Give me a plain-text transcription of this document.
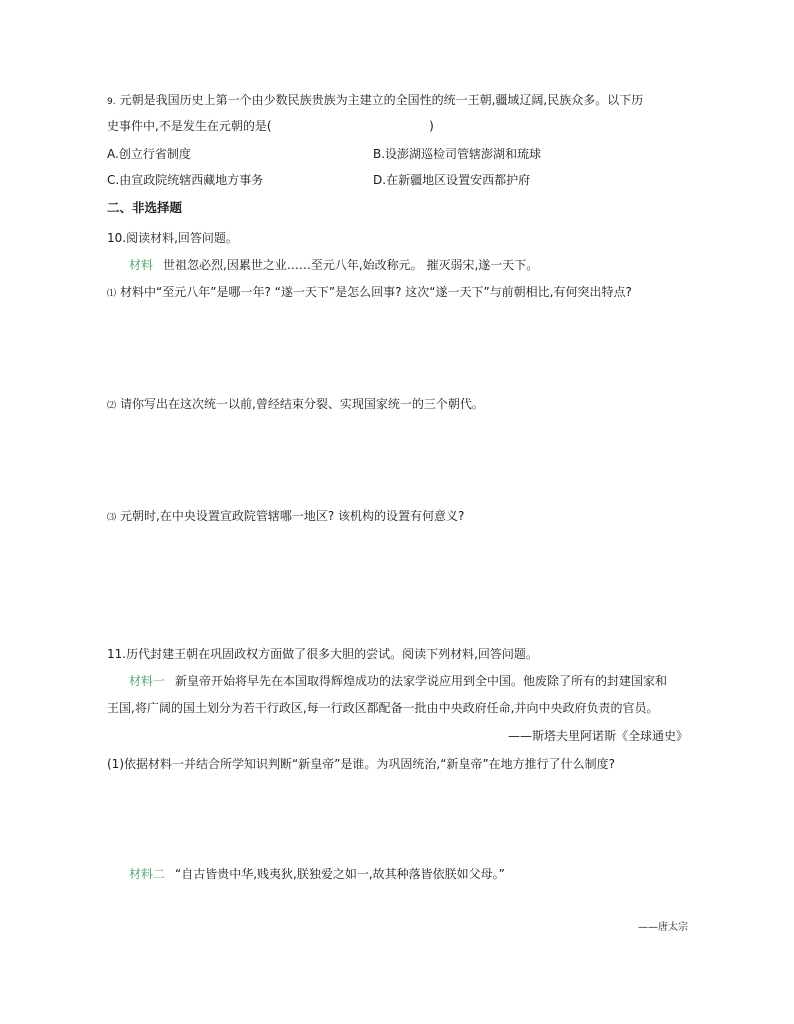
9. 元朝是我国历史上第一个由少数民族贵族为主建立的全国性的统一王朝,疆域辽阔,民族众多。以下历
史事件中,不是发生在元朝的是(	)
A.创立行省制度	B.设澎湖巡检司管辖澎湖和琉球
C.由宣政院统辖西藏地方事务	D.在新疆地区设置安西都护府
二、非选择题
10.阅读材料,回答问题。
材料 世祖忽必烈,因累世之业……至元八年,始改称元。 摧灭弱宋,遂一天下。
⑴ 材料中“至元八年”是哪一年? “遂一天下”是怎么回事? 这次“遂一天下”与前朝相比,有何突出特点?
⑵ 请你写出在这次统一以前,曾经结束分裂、实现国家统一的三个朝代。
⑶ 元朝时,在中央设置宣政院管辖哪一地区? 该机构的设置有何意义?
11.历代封建王朝在巩固政权方面做了很多大胆的尝试。阅读下列材料,回答问题。
材料一 新皇帝开始将早先在本国取得辉煌成功的法家学说应用到全中国。他废除了所有的封建国家和
王国,将广阔的国土划分为若干行政区,每一行政区都配备一批由中央政府任命,并向中央政府负责的官员。
——斯塔夫里阿诺斯《全球通史》
(1)依据材料一并结合所学知识判断“新皇帝”是谁。为巩固统治,“新皇帝”在地方推行了什么制度?
材料二 “自古皆贵中华,贱夷狄,朕独爱之如一,故其种落皆依朕如父母。”
——唐太宗
